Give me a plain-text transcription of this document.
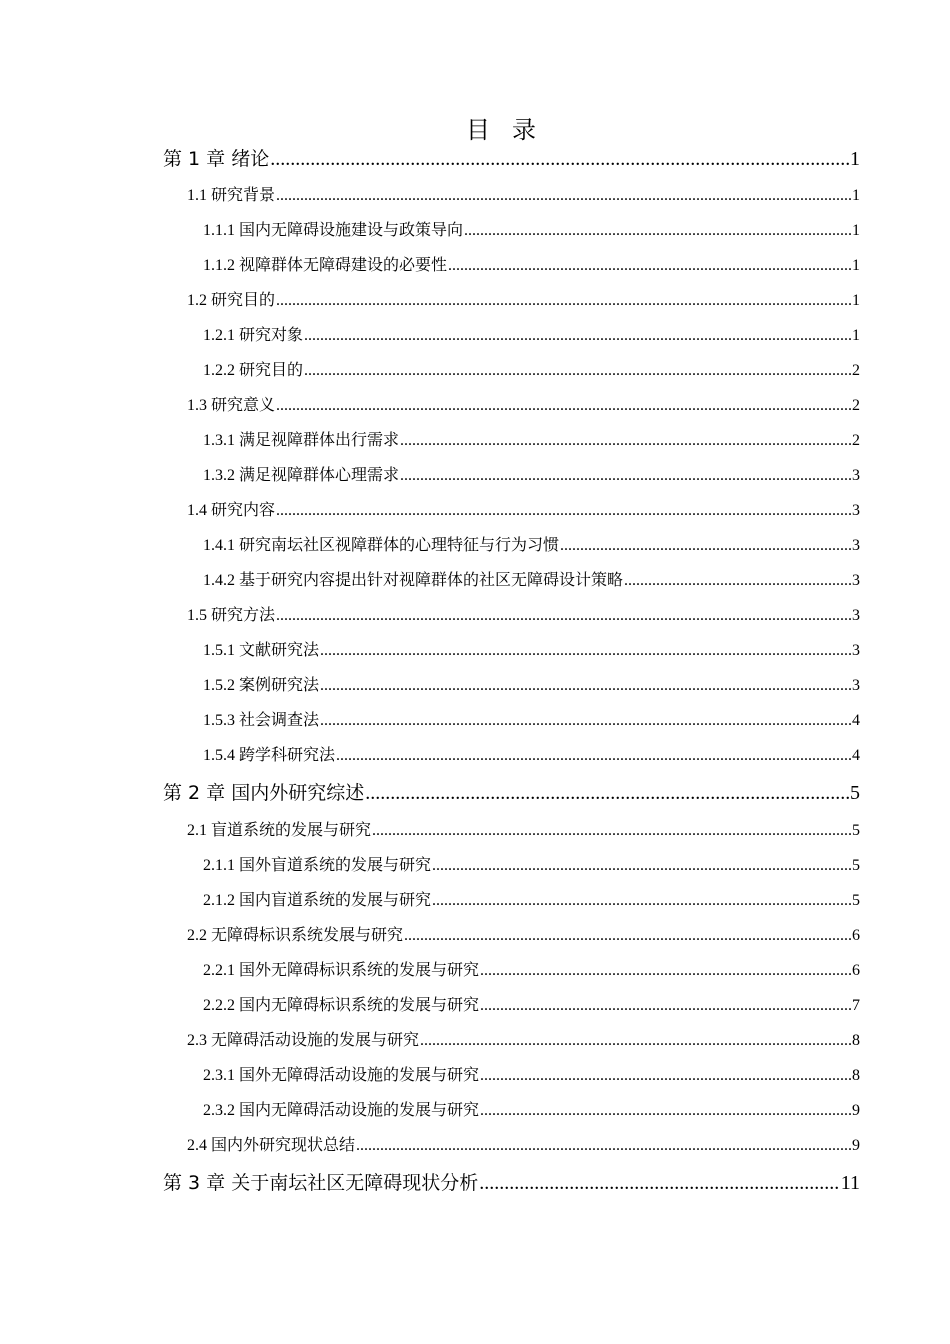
目录
第 1 章 绪论 .....	1
1.1 研究背景 .....	1
1.1.1 国内无障碍设施建设与政策导向 .....	1
1.1.2 视障群体无障碍建设的必要性 .....	1
1.2 研究目的 .....	1
1.2.1 研究对象 .....	1
1.2.2 研究目的 .....	2
1.3 研究意义 .....	2
1.3.1 满足视障群体出行需求 .....	2
1.3.2 满足视障群体心理需求 .....	3
1.4 研究内容 .....	3
1.4.1 研究南坛社区视障群体的心理特征与行为习惯 .....	3
1.4.2 基于研究内容提出针对视障群体的社区无障碍设计策略 .....	3
1.5 研究方法 .....	3
1.5.1 文献研究法 .....	3
1.5.2 案例研究法 .....	3
1.5.3 社会调查法 .....	4
1.5.4 跨学科研究法 .....	4
第 2 章 国内外研究综述 .....	5
2.1 盲道系统的发展与研究 .....	5
2.1.1 国外盲道系统的发展与研究 .....	5
2.1.2 国内盲道系统的发展与研究 .....	5
2.2 无障碍标识系统发展与研究 .....	6
2.2.1 国外无障碍标识系统的发展与研究 .....	6
2.2.2 国内无障碍标识系统的发展与研究 .....	7
2.3 无障碍活动设施的发展与研究 .....	8
2.3.1 国外无障碍活动设施的发展与研究 .....	8
2.3.2 国内无障碍活动设施的发展与研究 .....	9
2.4 国内外研究现状总结 .....	9
第 3 章 关于南坛社区无障碍现状分析 .....	11
